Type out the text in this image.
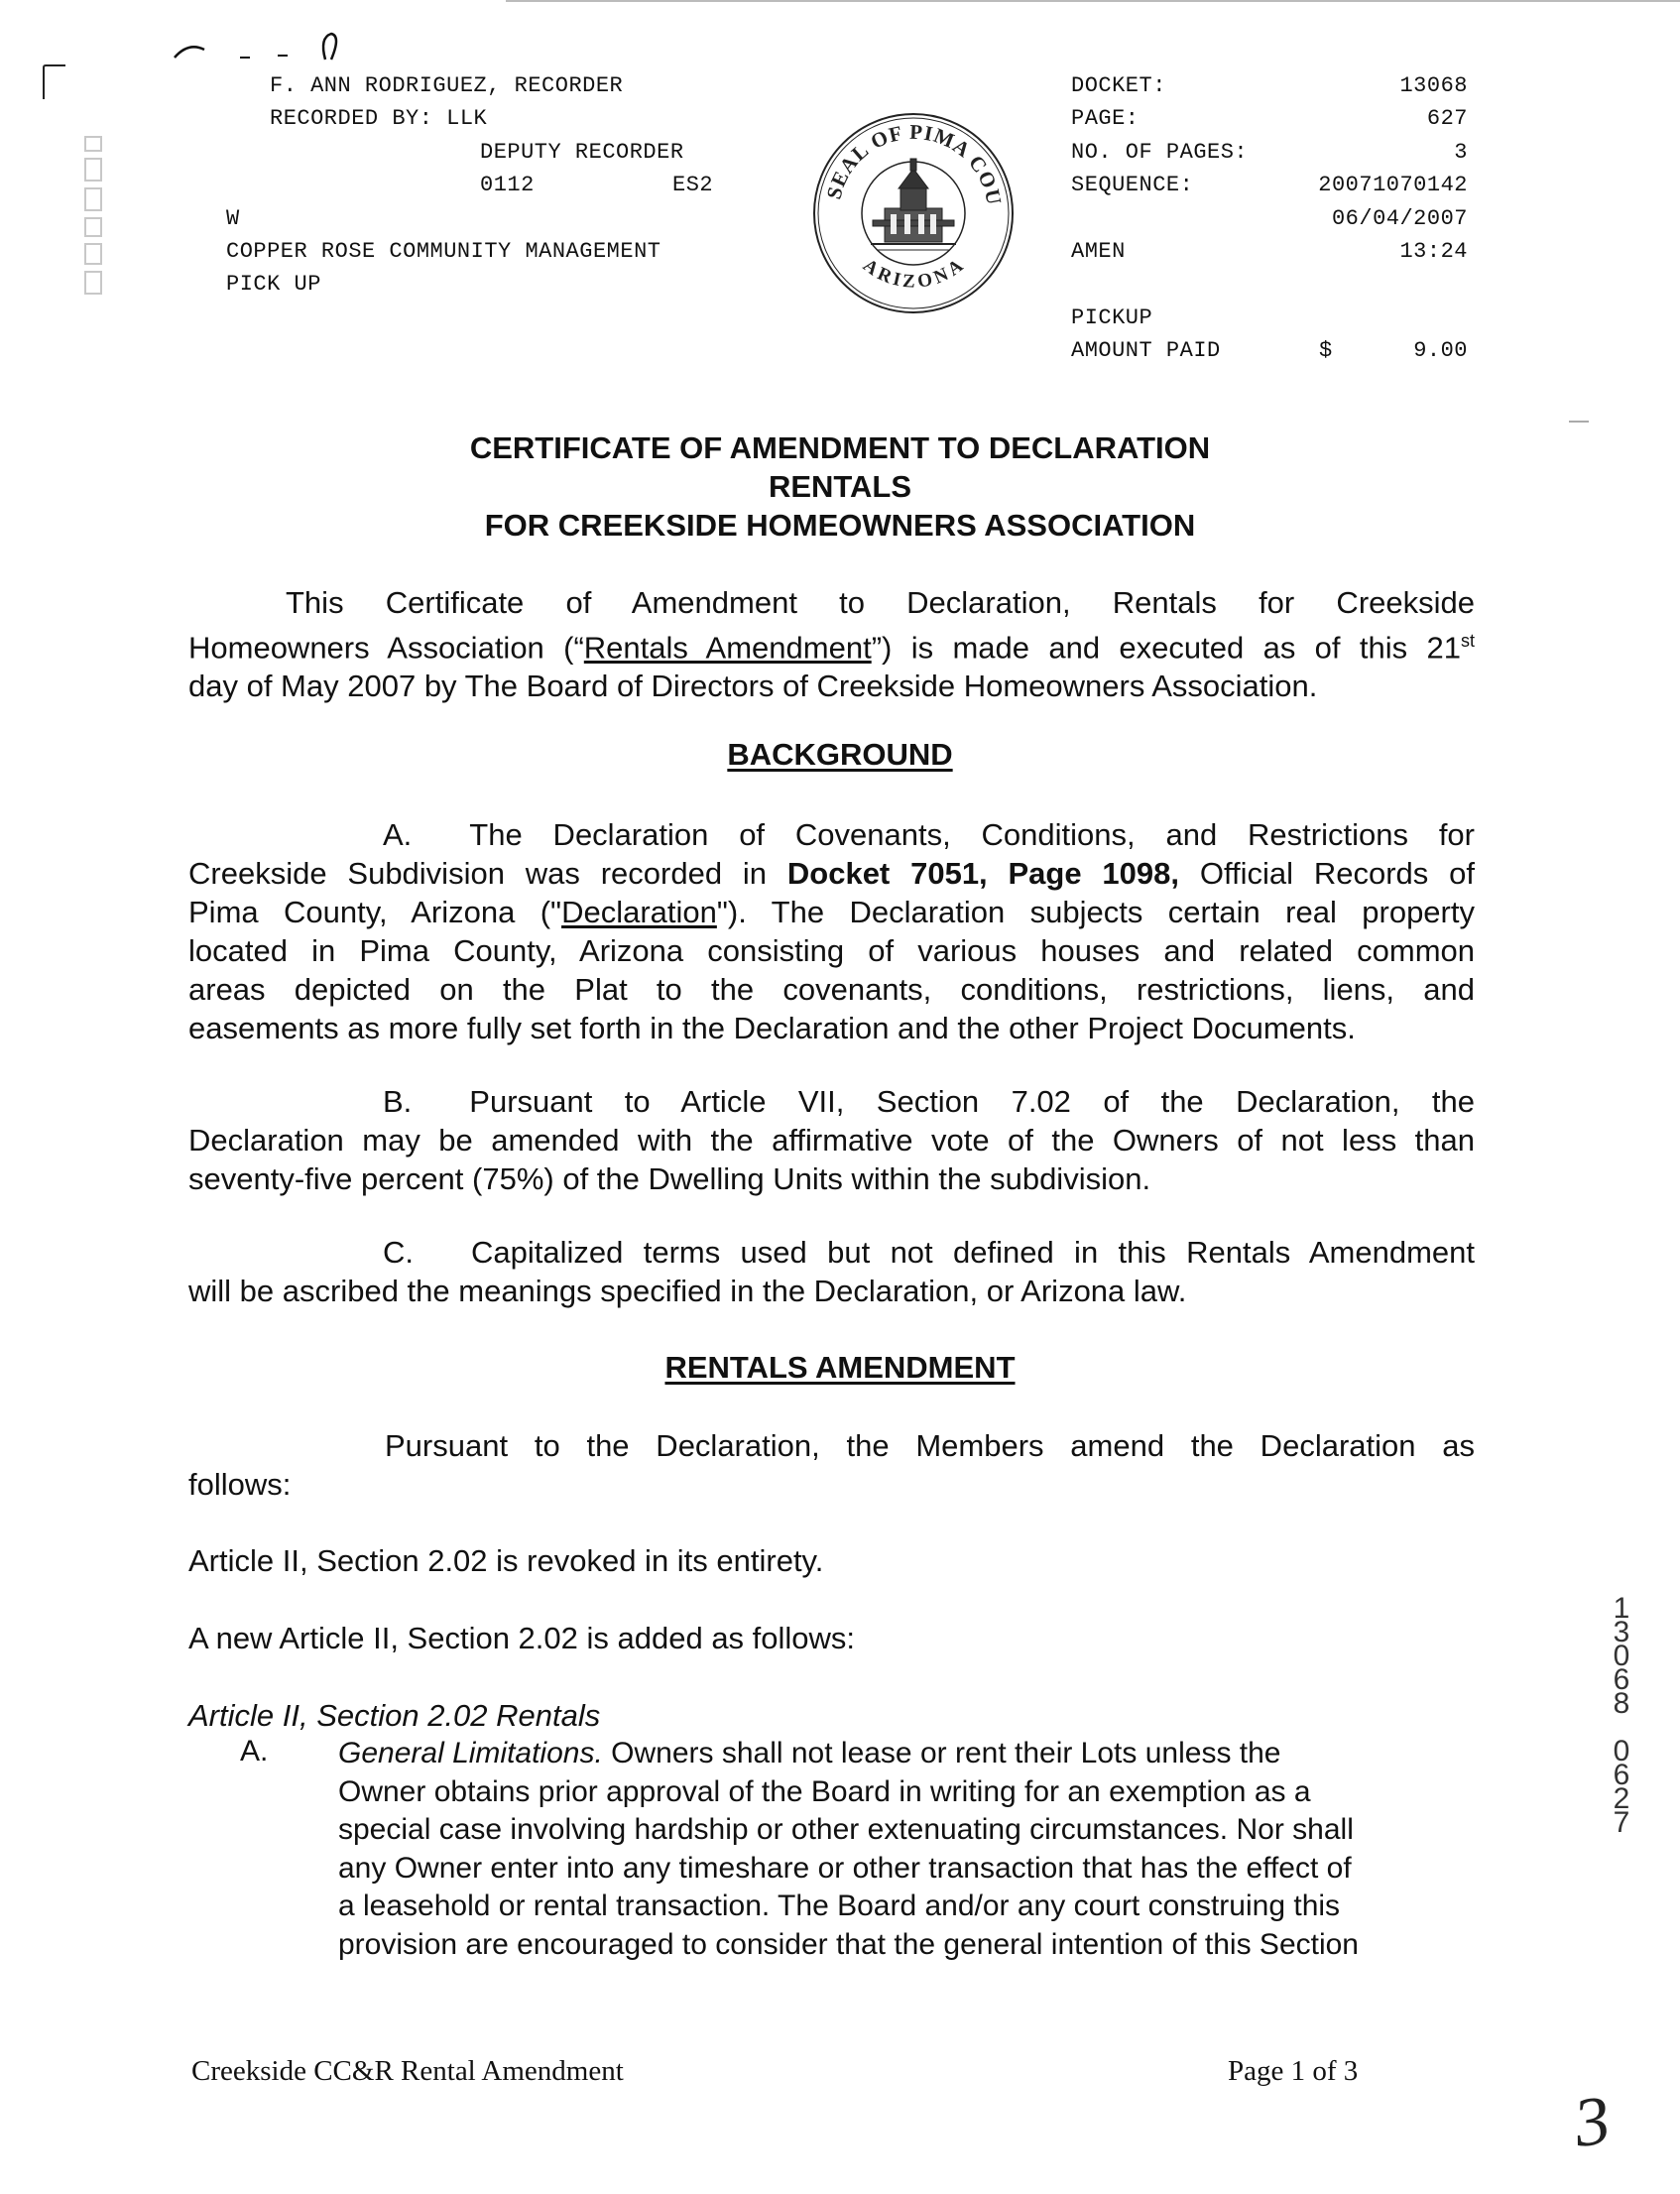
F. ANN RODRIGUEZ, RECORDER
RECORDED BY: LLK
DEPUTY RECORDER
0112	ES2
W
COPPER ROSE COMMUNITY MANAGEMENT
PICK UP
SEAL OF PIMA COU
ARIZONA
DOCKET:	13068
PAGE:	627
NO. OF PAGES:	3
SEQUENCE:	20071070142
06/04/2007
AMEN	13:24
PICKUP
AMOUNT PAID	$	9.00
CERTIFICATE OF AMENDMENT TO DECLARATION
RENTALS
FOR CREEKSIDE HOMEOWNERS ASSOCIATION
This Certificate of Amendment to Declaration, Rentals for Creekside
Homeowners Association (“Rentals Amendment”) is made and executed as of this 21st
day of May 2007 by The Board of Directors of Creekside Homeowners Association.
BACKGROUND
A. The Declaration of Covenants, Conditions, and Restrictions for
Creekside Subdivision was recorded in Docket 7051, Page 1098, Official Records of
Pima County, Arizona ("Declaration"). The Declaration subjects certain real property
located in Pima County, Arizona consisting of various houses and related common
areas depicted on the Plat to the covenants, conditions, restrictions, liens, and
easements as more fully set forth in the Declaration and the other Project Documents.
B. Pursuant to Article VII, Section 7.02 of the Declaration, the
Declaration may be amended with the affirmative vote of the Owners of not less than
seventy-five percent (75%) of the Dwelling Units within the subdivision.
C. Capitalized terms used but not defined in this Rentals Amendment
will be ascribed the meanings specified in the Declaration, or Arizona law.
RENTALS AMENDMENT
Pursuant to the Declaration, the Members amend the Declaration as
follows:
Article II, Section 2.02 is revoked in its entirety.
A new Article II, Section 2.02 is added as follows:
Article II, Section 2.02 Rentals
A. General Limitations. Owners shall not lease or rent their Lots unless the
Owner obtains prior approval of the Board in writing for an exemption as a
special case involving hardship or other extenuating circumstances. Nor shall
any Owner enter into any timeshare or other transaction that has the effect of
a leasehold or rental transaction. The Board and/or any court construing this
provision are encouraged to consider that the general intention of this Section
1
3
0
6
8
0
6
2
7
Creekside CC&R Rental Amendment	Page 1 of 3
3
